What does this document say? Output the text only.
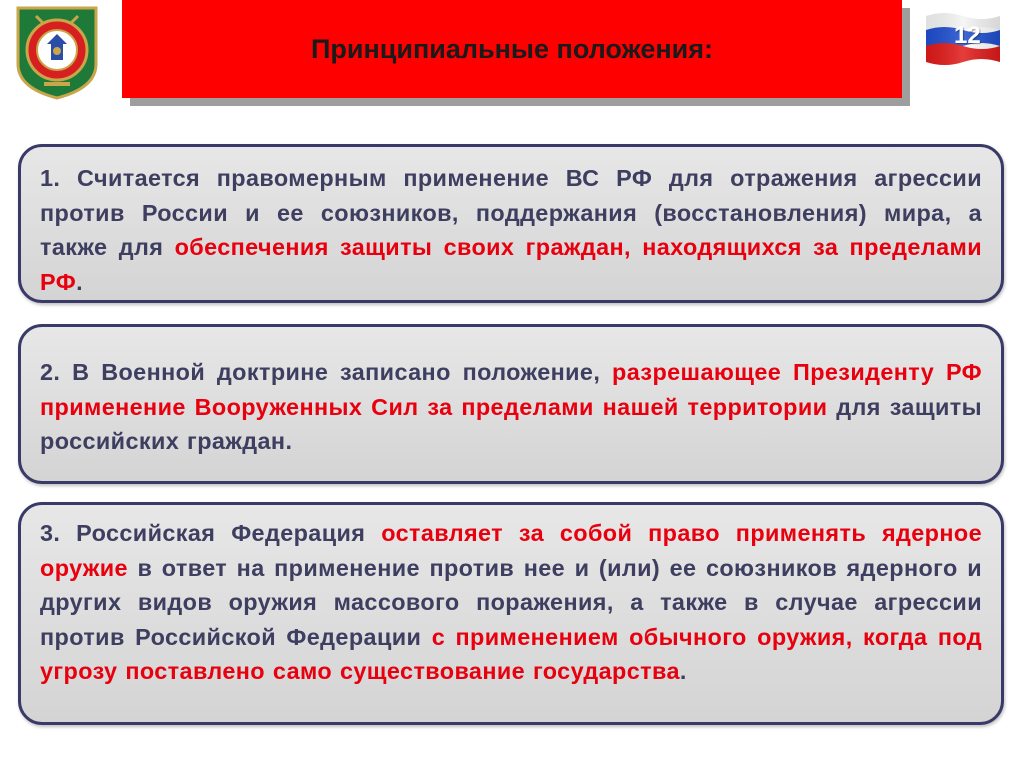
Принципиальные положения:	12

1. Считается правомерным применение ВС РФ для отражения агрессии против России и ее союзников, поддержания (восстановления) мира, а также для обеспечения защиты своих граждан, находящихся за пределами РФ.

2. В Военной доктрине записано положение, разрешающее Президенту РФ применение Вооруженных Сил за пределами нашей территории для защиты российских граждан.

3. Российская Федерация оставляет за собой право применять ядерное оружие в ответ на применение против нее и (или) ее союзников ядерного и других видов оружия массового поражения, а также в случае агрессии против Российской Федерации с применением обычного оружия, когда под угрозу поставлено само существование государства.
